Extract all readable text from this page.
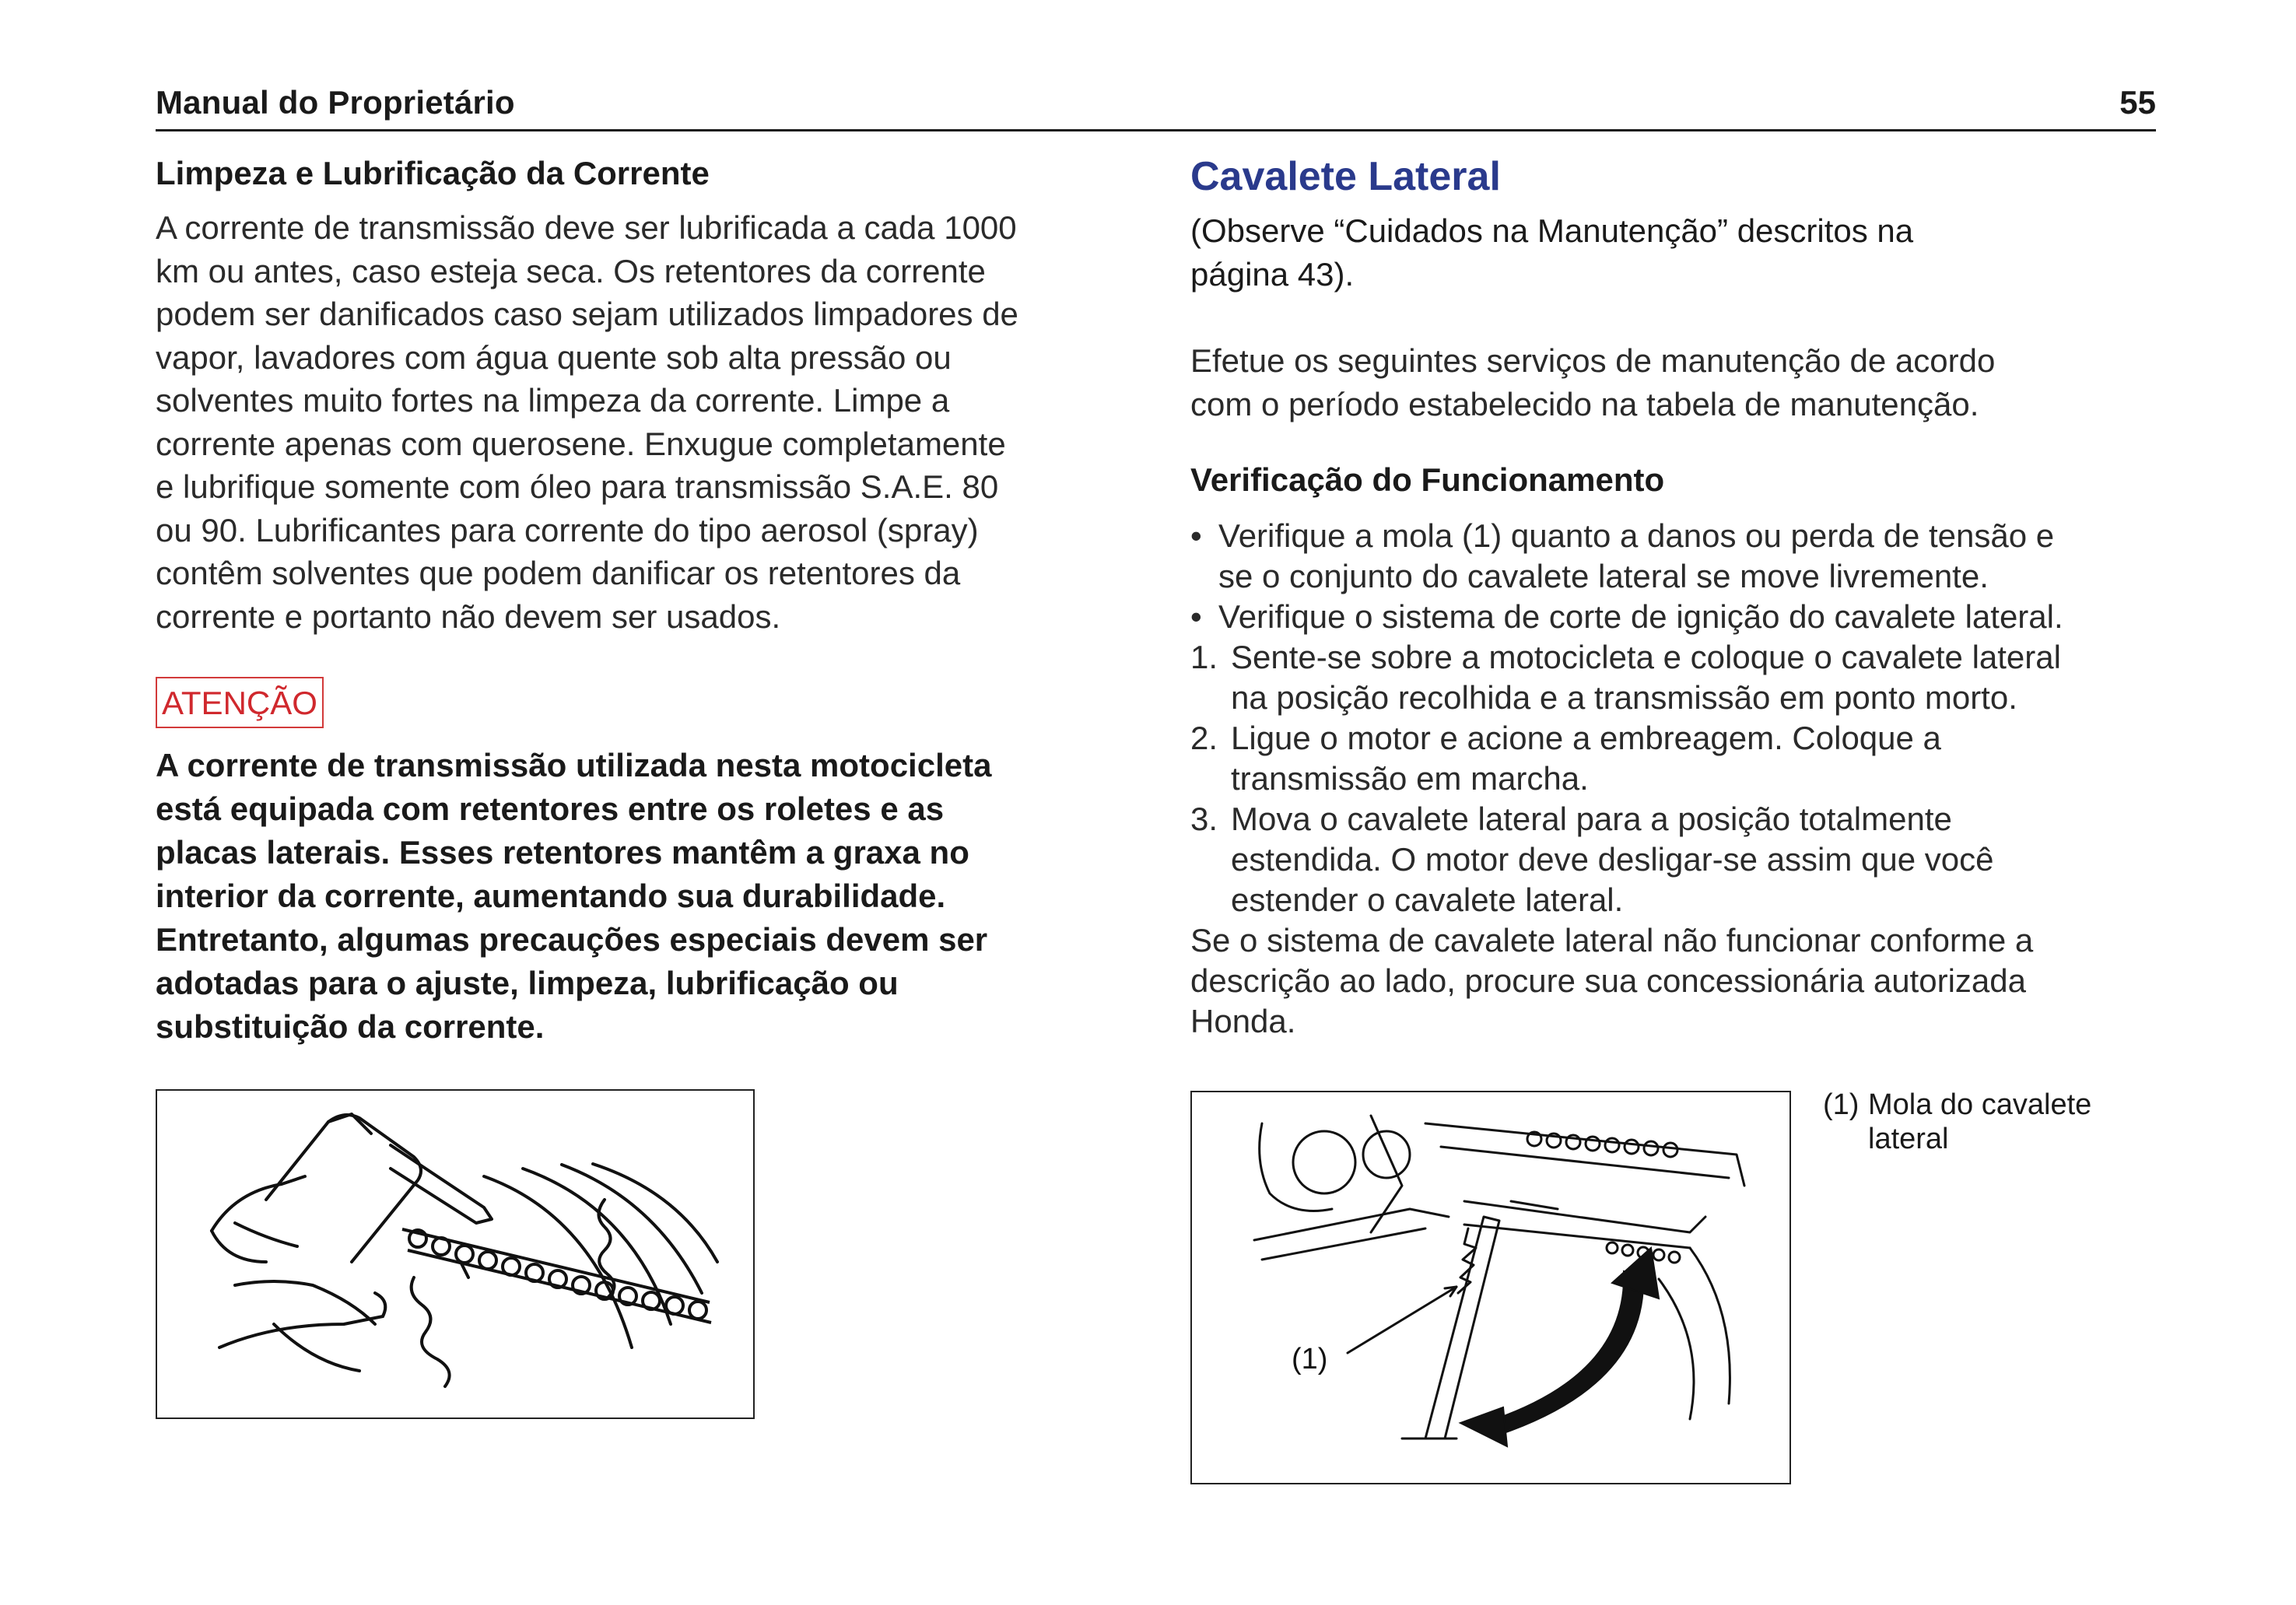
Manual do Proprietário	55

Limpeza e Lubrificação da Corrente

A corrente de transmissão deve ser lubrificada a cada 1000
km ou antes, caso esteja seca. Os retentores da corrente
podem ser danificados caso sejam utilizados limpadores de
vapor, lavadores com água quente sob alta pressão ou
solventes muito fortes na limpeza da corrente. Limpe a
corrente apenas com querosene. Enxugue completamente
e lubrifique somente com óleo para transmissão S.A.E. 80
ou 90. Lubrificantes para corrente do tipo aerosol (spray)
contêm solventes que podem danificar os retentores da
corrente e portanto não devem ser usados.
ATENÇÃO
A corrente de transmissão utilizada nesta motocicleta
está equipada com retentores entre os roletes e as
placas laterais. Esses retentores mantêm a graxa no
interior da corrente, aumentando sua durabilidade.
Entretanto, algumas precauções especiais devem ser
adotadas para o ajuste, limpeza, lubrificação ou
substituição da corrente.

Cavalete Lateral

(Observe “Cuidados na Manutenção” descritos na
página 43).
Efetue os seguintes serviços de manutenção de acordo
com o período estabelecido na tabela de manutenção.

Verificação do Funcionamento

• Verifique a mola (1) quanto a danos ou perda de tensão e
se o conjunto do cavalete lateral se move livremente.
• Verifique o sistema de corte de ignição do cavalete lateral.
1. Sente-se sobre a motocicleta e coloque o cavalete lateral
na posição recolhida e a transmissão em ponto morto.
2. Ligue o motor e acione a embreagem. Coloque a
transmissão em marcha.
3. Mova o cavalete lateral para a posição totalmente
estendida. O motor deve desligar-se assim que você
estender o cavalete lateral.
Se o sistema de cavalete lateral não funcionar conforme a
descrição ao lado, procure sua concessionária autorizada
Honda.
(1)
(1) Mola do cavalete
lateral
